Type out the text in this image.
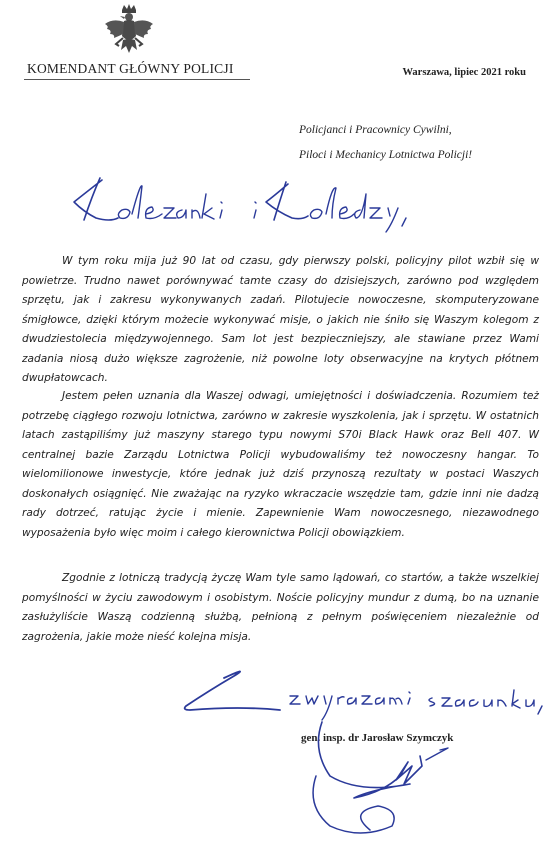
KOMENDANT GŁÓWNY POLICJI	Warszawa, lipiec 2021 roku
Policjanci i Pracownicy Cywilni,
Piloci i Mechanicy Lotnictwa Policji!

W tym roku mija już 90 lat od czasu, gdy pierwszy polski, policyjny pilot wzbił się w powietrze. Trudno nawet porównywać tamte czasy do dzisiejszych, zarówno pod względem sprzętu, jak i zakresu wykonywanych zadań. Pilotujecie nowoczesne, skomputeryzowane śmigłowce, dzięki którym możecie wykonywać misje, o jakich nie śniło się Waszym kolegom z dwudziestolecia międzywojennego. Sam lot jest bezpieczniejszy, ale stawiane przez Wami zadania niosą dużo większe zagrożenie, niż powolne loty obserwacyjne na krytych płótnem dwupłatowcach.

Jestem pełen uznania dla Waszej odwagi, umiejętności i doświadczenia. Rozumiem też potrzebę ciągłego rozwoju lotnictwa, zarówno w zakresie wyszkolenia, jak i sprzętu. W ostatnich latach zastąpiliśmy już maszyny starego typu nowymi S70i Black Hawk oraz Bell 407. W centralnej bazie Zarządu Lotnictwa Policji wybudowaliśmy też nowoczesny hangar. To wielomilionowe inwestycje, które jednak już dziś przynoszą rezultaty w postaci Waszych doskonałych osiągnięć. Nie zważając na ryzyko wkraczacie wszędzie tam, gdzie inni nie dadzą rady dotrzeć, ratując życie i mienie. Zapewnienie Wam nowoczesnego, niezawodnego wyposażenia było więc moim i całego kierownictwa Policji obowiązkiem.

Zgodnie z lotniczą tradycją życzę Wam tyle samo lądowań, co startów, a także wszelkiej pomyślności w życiu zawodowym i osobistym. Noście policyjny mundur z dumą, bo na uznanie zasłużyliście Waszą codzienną służbą, pełnioną z pełnym poświęceniem niezależnie od zagrożenia, jakie może nieść kolejna misja.

gen. insp. dr Jarosław Szymczyk
